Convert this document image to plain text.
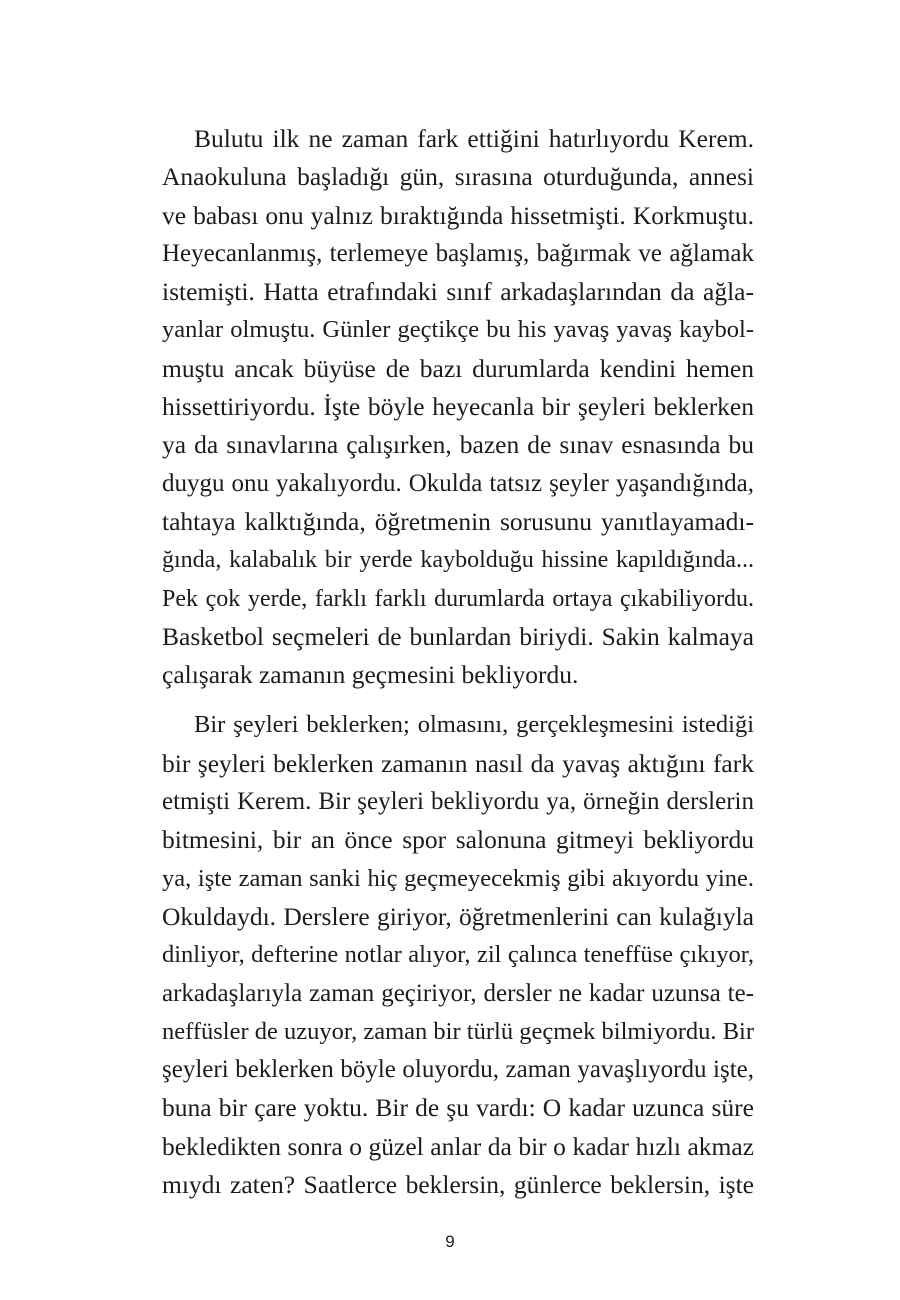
Bulutu ilk ne zaman fark ettiğini hatırlıyordu Kerem.
Anaokuluna başladığı gün, sırasına oturduğunda, annesi
ve babası onu yalnız bıraktığında hissetmişti. Korkmuştu.
Heyecanlanmış, terlemeye başlamış, bağırmak ve ağlamak
istemişti. Hatta etrafındaki sınıf arkadaşlarından da ağla-
yanlar olmuştu. Günler geçtikçe bu his yavaş yavaş kaybol-
muştu ancak büyüse de bazı durumlarda kendini hemen
hissettiriyordu. İşte böyle heyecanla bir şeyleri beklerken
ya da sınavlarına çalışırken, bazen de sınav esnasında bu
duygu onu yakalıyordu. Okulda tatsız şeyler yaşandığında,
tahtaya kalktığında, öğretmenin sorusunu yanıtlayamadı-
ğında, kalabalık bir yerde kaybolduğu hissine kapıldığında...
Pek çok yerde, farklı farklı durumlarda ortaya çıkabiliyordu.
Basketbol seçmeleri de bunlardan biriydi. Sakin kalmaya
çalışarak zamanın geçmesini bekliyordu.
Bir şeyleri beklerken; olmasını, gerçekleşmesini istediği
bir şeyleri beklerken zamanın nasıl da yavaş aktığını fark
etmişti Kerem. Bir şeyleri bekliyordu ya, örneğin derslerin
bitmesini, bir an önce spor salonuna gitmeyi bekliyordu
ya, işte zaman sanki hiç geçmeyecekmiş gibi akıyordu yine.
Okuldaydı. Derslere giriyor, öğretmenlerini can kulağıyla
dinliyor, defterine notlar alıyor, zil çalınca teneffüse çıkıyor,
arkadaşlarıyla zaman geçiriyor, dersler ne kadar uzunsa te-
neffüsler de uzuyor, zaman bir türlü geçmek bilmiyordu. Bir
şeyleri beklerken böyle oluyordu, zaman yavaşlıyordu işte,
buna bir çare yoktu. Bir de şu vardı: O kadar uzunca süre
bekledikten sonra o güzel anlar da bir o kadar hızlı akmaz
mıydı zaten? Saatlerce beklersin, günlerce beklersin, işte
9
